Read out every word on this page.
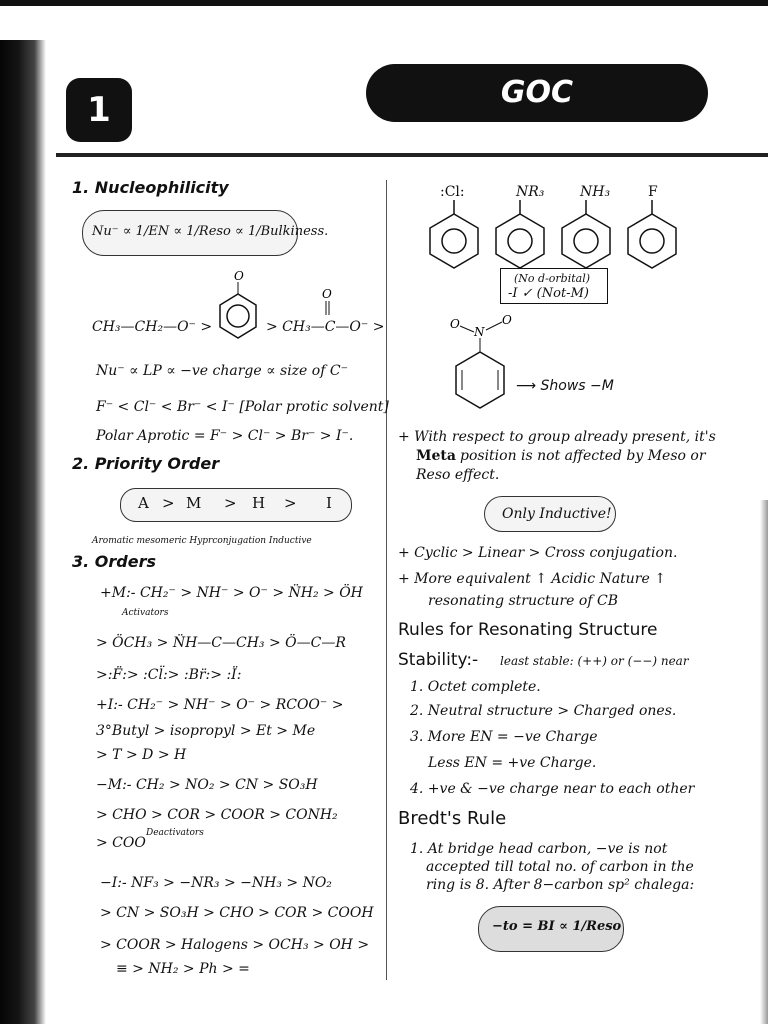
1	GOC
1. Nucleophilicity
Nu⁻ ∝ 1/EN ∝ 1/Reso ∝ 1/Bulkiness.
CH₃—CH₂—O⁻ >
O
> CH₃—C—O⁻ >
O
Nu⁻ ∝ LP ∝ −ve charge ∝ size of C⁻
F⁻ < Cl⁻ < Br⁻ < I⁻ [Polar protic solvent]
Polar Aprotic = F⁻ > Cl⁻ > Br⁻ > I⁻.
2. Priority Order
A > M > H > I
Aromatic mesomeric Hyprconjugation Inductive
3. Orders
+M:- CH₂⁻ > NH⁻ > O⁻ > N̈H₂ > ÖH
Activators
> ÖCH₃ > N̈H—C—CH₃ > Ö—C—R
>:F̈:> :Cl̈:> :Br̈:> :Ï:
+I:- CH₂⁻ > NH⁻ > O⁻ > RCOO⁻ >
3°Butyl > isopropyl > Et > Me
> T > D > H
−M:- CH₂ > NO₂ > CN > SO₃H
> CHO > COR > COOR > CONH₂
Deactivators
> COO
−I:- NF₃ > −NR₃ > −NH₃ > NO₂
> CN > SO₃H > CHO > COR > COOH
> COOR > Halogens > OCH₃ > OH >
≡ > NH₂ > Ph > =
:Cl:	NR₃	NH₃	F
(No d-orbital)
-I ✓ (Not-M)
O
N
O
⟶ Shows −M
+ With respect to group already present, it's
Meta position is not affected by Meso or
Reso effect.
Only Inductive!
+ Cyclic > Linear > Cross conjugation.
+ More equivalent ↑ Acidic Nature ↑
resonating structure of CB
Rules for Resonating Structure
Stability:- least stable: (++) or (−−) near
1. Octet complete.
2. Neutral structure > Charged ones.
3. More EN = −ve Charge
Less EN = +ve Charge.
4. +ve & −ve charge near to each other
Bredt's Rule
1. At bridge head carbon, −ve is not
accepted till total no. of carbon in the
ring is 8. After 8−carbon sp² chalega:
−to = BI ∝ 1/Reso
